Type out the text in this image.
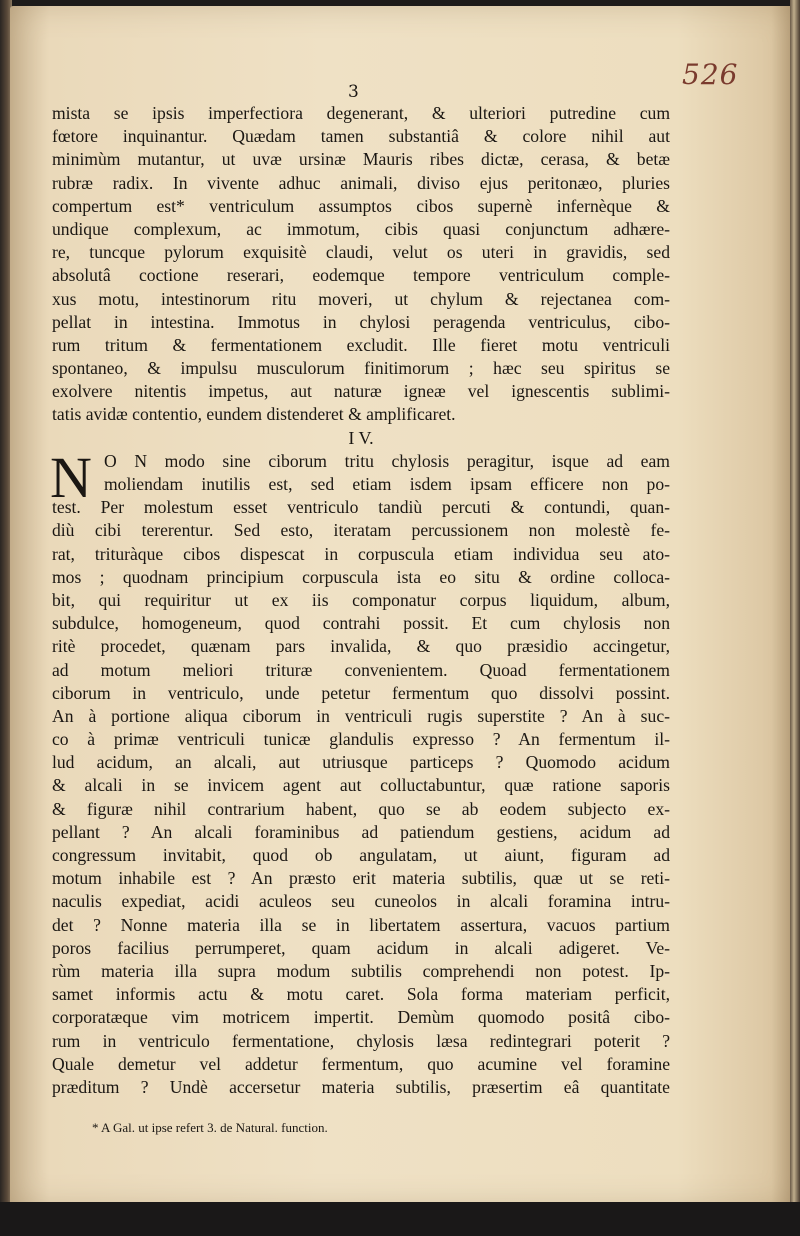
526
3
mista se ipsis imperfectiora degenerant, & ulteriori putredine cum
fœtore inquinantur. Quædam tamen substantiâ & colore nihil aut
minimùm mutantur, ut uvæ ursinæ Mauris ribes dictæ, cerasa, & betæ
rubræ radix. In vivente adhuc animali, diviso ejus peritonæo, pluries
compertum est* ventriculum assumptos cibos supernè infernèque &
undique complexum, ac immotum, cibis quasi conjunctum adhære-
re, tuncque pylorum exquisitè claudi, velut os uteri in gravidis, sed
absolutâ coctione reserari, eodemque tempore ventriculum comple-
xus motu, intestinorum ritu moveri, ut chylum & rejectanea com-
pellat in intestina. Immotus in chylosi peragenda ventriculus, cibo-
rum tritum & fermentationem excludit. Ille fieret motu ventriculi
spontaneo, & impulsu musculorum finitimorum ; hæc seu spiritus se
exolvere nitentis impetus, aut naturæ igneæ vel ignescentis sublimi-
tatis avidæ contentio, eundem distenderet & amplificaret.
I V.
N O N modo sine ciborum tritu chylosis peragitur, isque ad eam
moliendam inutilis est, sed etiam isdem ipsam efficere non po-
test. Per molestum esset ventriculo tandiù percuti & contundi, quan-
diù cibi tererentur. Sed esto, iteratam percussionem non molestè fe-
rat, trituràque cibos dispescat in corpuscula etiam individua seu ato-
mos ; quodnam principium corpuscula ista eo situ & ordine colloca-
bit, qui requiritur ut ex iis componatur corpus liquidum, album,
subdulce, homogeneum, quod contrahi possit. Et cum chylosis non
ritè procedet, quænam pars invalida, & quo præsidio accingetur,
ad motum meliori trituræ convenientem. Quoad fermentationem
ciborum in ventriculo, unde petetur fermentum quo dissolvi possint.
An à portione aliqua ciborum in ventriculi rugis superstite ? An à suc-
co à primæ ventriculi tunicæ glandulis expresso ? An fermentum il-
lud acidum, an alcali, aut utriusque particeps ? Quomodo acidum
& alcali in se invicem agent aut colluctabuntur, quæ ratione saporis
& figuræ nihil contrarium habent, quo se ab eodem subjecto ex-
pellant ? An alcali foraminibus ad patiendum gestiens, acidum ad
congressum invitabit, quod ob angulatam, ut aiunt, figuram ad
motum inhabile est ? An præsto erit materia subtilis, quæ ut se reti-
naculis expediat, acidi aculeos seu cuneolos in alcali foramina intru-
det ? Nonne materia illa se in libertatem assertura, vacuos partium
poros facilius perrumperet, quam acidum in alcali adigeret. Ve-
rùm materia illa supra modum subtilis comprehendi non potest. Ip-
samet informis actu & motu caret. Sola forma materiam perficit,
corporatæque vim motricem impertit. Demùm quomodo positâ cibo-
rum in ventriculo fermentatione, chylosis læsa redintegrari poterit ?
Quale demetur vel addetur fermentum, quo acumine vel foramine
præditum ? Undè accersetur materia subtilis, præsertim eâ quantitate
* A Gal. ut ipse refert 3. de Natural. function.
